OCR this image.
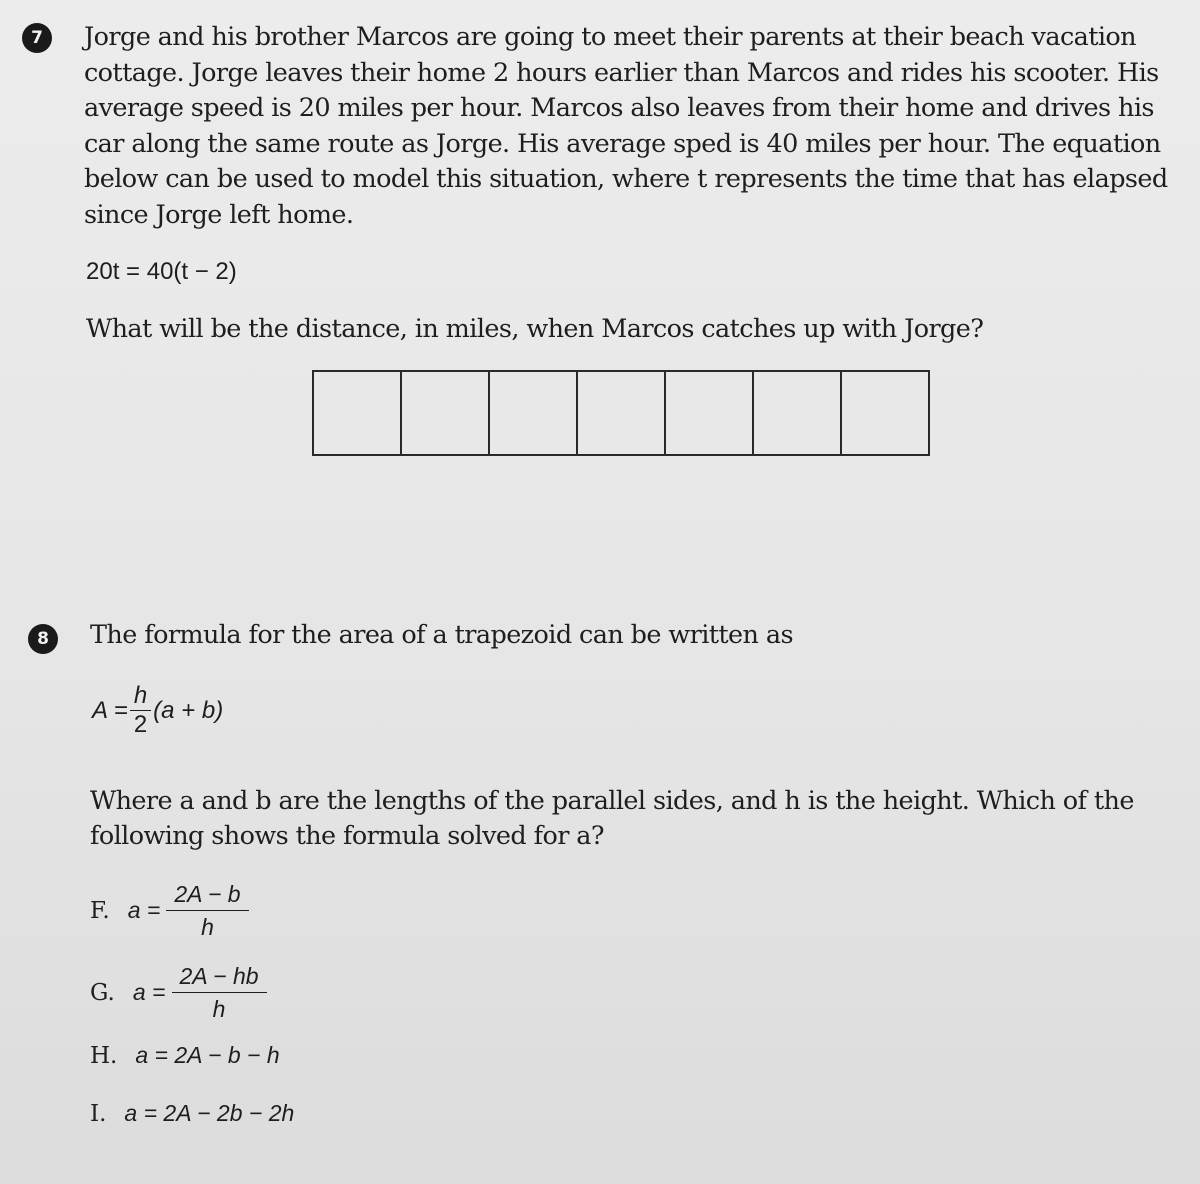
7	Jorge and his brother Marcos are going to meet their parents at their beach vacation
cottage. Jorge leaves their home 2 hours earlier than Marcos and rides his scooter. His
average speed is 20 miles per hour. Marcos also leaves from their home and drives his
car along the same route as Jorge. His average sped is 40 miles per hour. The equation
below can be used to model this situation, where t represents the time that has elapsed
since Jorge left home.
20t = 40(t − 2)
What will be the distance, in miles, when Marcos catches up with Jorge?
8	The formula for the area of a trapezoid can be written as
$A = \frac{h}{2} (a + b)$
Where a and b are the lengths of the parallel sides, and h is the height. Which of the
following shows the formula solved for a?
F. $a = \frac{2A - b}{h}$
G. $a = \frac{2A - hb}{h}$
H. a = 2A − b − h
I. a = 2A − 2b − 2h
